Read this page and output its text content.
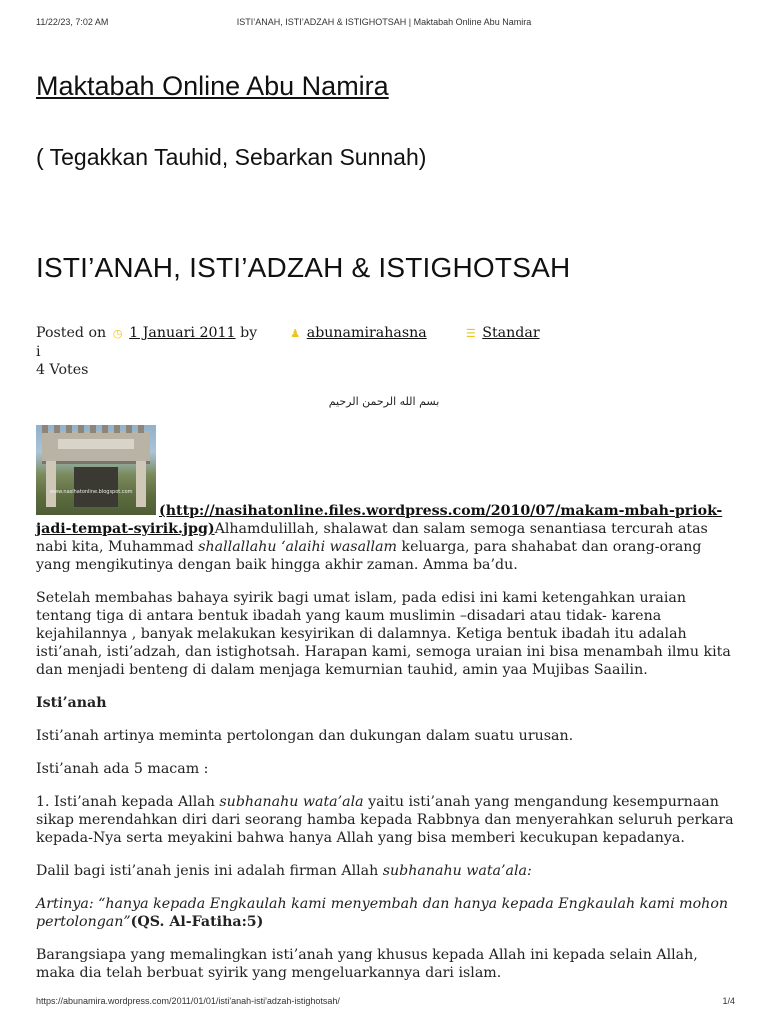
11/22/23, 7:02 AM	ISTI’ANAH, ISTI’ADZAH & ISTIGHOTSAH | Maktabah Online Abu Namira
Maktabah Online Abu Namira
( Tegakkan Tauhid, Sebarkan Sunnah)
ISTI’ANAH, ISTI’ADZAH & ISTIGHOTSAH
Posted on ◷ 1 Januari 2011 by	♟ abunamirahasna	☰ Standar
i
4 Votes
بسم الله الرحمن الرحيم
www.nasihatonline.blogspot.com

(http://nasihatonline.files.wordpress.com/2010/07/makam-mbah-priok-jadi-tempat-syirik.jpg)Alhamdulillah, shalawat dan salam semoga senantiasa tercurah atas nabi kita, Muhammad shallallahu ‘alaihi wasallam keluarga, para shahabat dan orang-orang yang mengikutinya dengan baik hingga akhir zaman. Amma ba’du.

Setelah membahas bahaya syirik bagi umat islam, pada edisi ini kami ketengahkan uraian tentang tiga di antara bentuk ibadah yang kaum muslimin –disadari atau tidak- karena kejahilannya , banyak melakukan kesyirikan di dalamnya. Ketiga bentuk ibadah itu adalah isti’anah, isti’adzah, dan istighotsah. Harapan kami, semoga uraian ini bisa menambah ilmu kita dan menjadi benteng di dalam menjaga kemurnian tauhid, amin yaa Mujibas Saailin.

Isti’anah

Isti’anah artinya meminta pertolongan dan dukungan dalam suatu urusan.

Isti’anah ada 5 macam :

1. Isti’anah kepada Allah subhanahu wata’ala yaitu isti’anah yang mengandung kesempurnaan sikap merendahkan diri dari seorang hamba kepada Rabbnya dan menyerahkan seluruh perkara kepada-Nya serta meyakini bahwa hanya Allah yang bisa memberi kecukupan kepadanya.

Dalil bagi isti’anah jenis ini adalah firman Allah subhanahu wata’ala:

Artinya: “hanya kepada Engkaulah kami menyembah dan hanya kepada Engkaulah kami mohon pertolongan”(QS. Al-Fatiha:5)

Barangsiapa yang memalingkan isti’anah yang khusus kepada Allah ini kepada selain Allah, maka dia telah berbuat syirik yang mengeluarkannya dari islam.

https://abunamira.wordpress.com/2011/01/01/isti'anah-isti'adzah-istighotsah/	1/4
